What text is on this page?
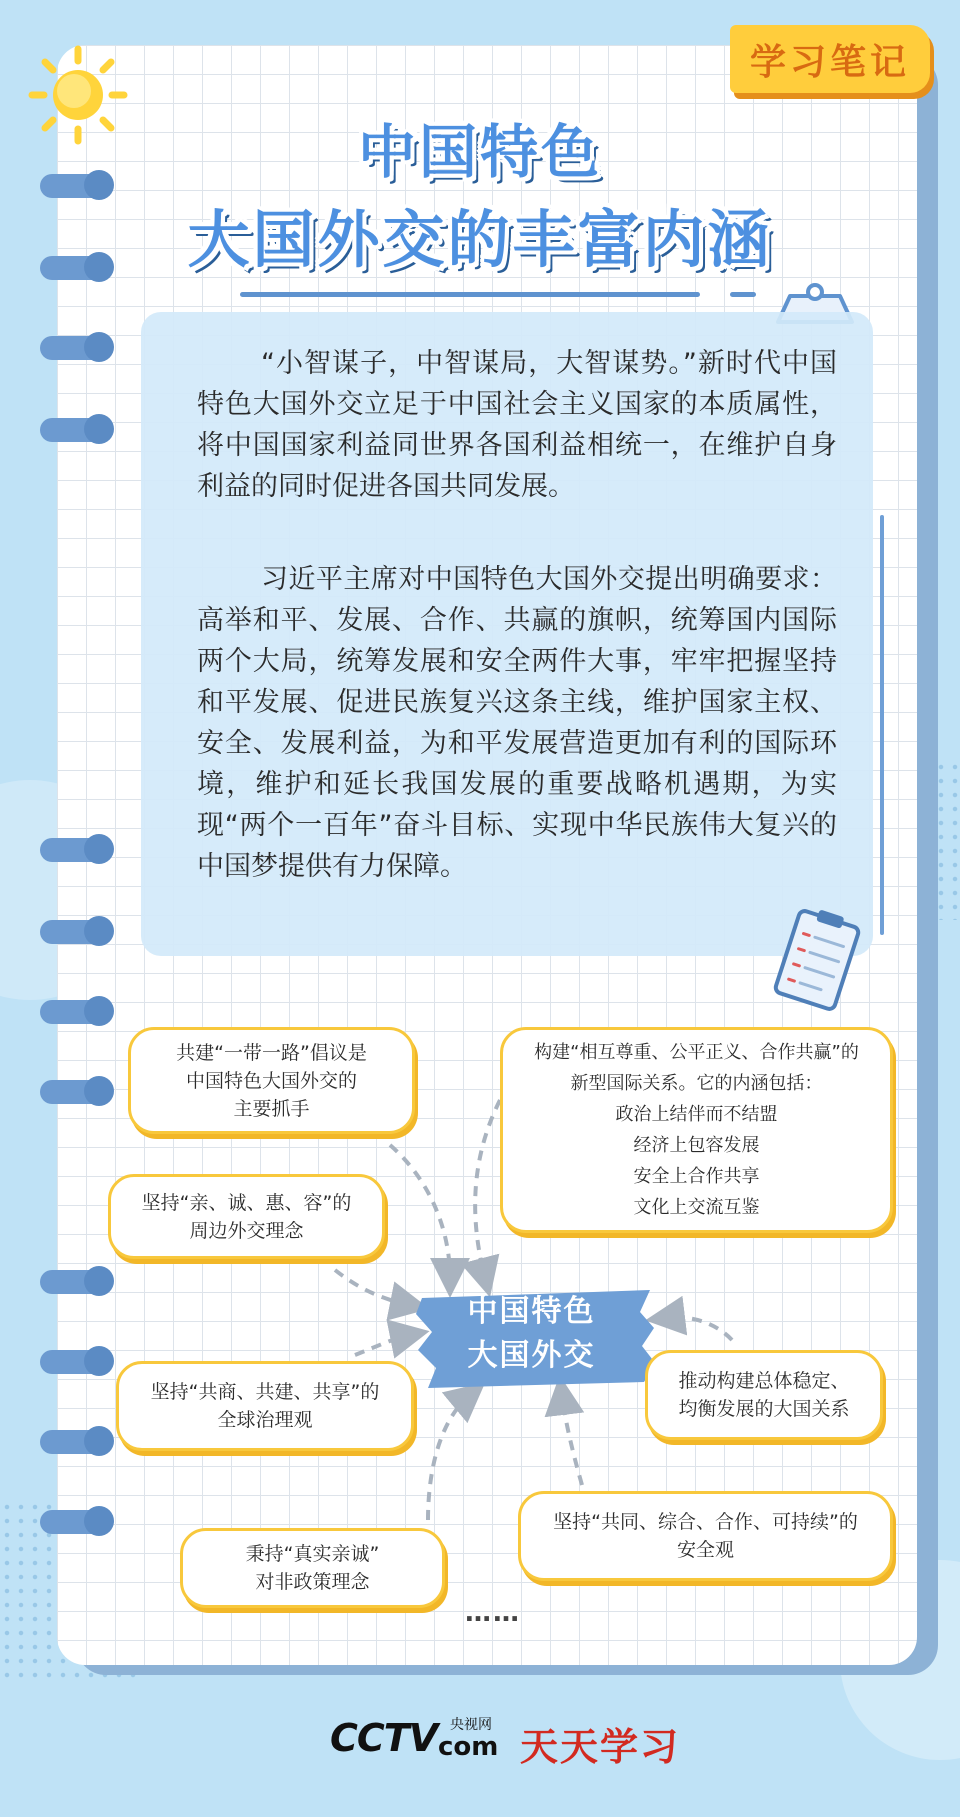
学习笔记
中国特色
大国外交的丰富内涵

“小智谋子，中智谋局，大智谋势。”新时代中国特色大国外交立足于中国社会主义国家的本质属性，将中国国家利益同世界各国利益相统一，在维护自身利益的同时促进各国共同发展。

习近平主席对中国特色大国外交提出明确要求：高举和平、发展、合作、共赢的旗帜，统筹国内国际两个大局，统筹发展和安全两件大事，牢牢把握坚持和平发展、促进民族复兴这条主线，维护国家主权、安全、发展利益，为和平发展营造更加有利的国际环境，维护和延长我国发展的重要战略机遇期，为实现“两个一百年”奋斗目标、实现中华民族伟大复兴的中国梦提供有力保障。

中国特色
大国外交
共建“一带一路”倡议是
中国特色大国外交的
主要抓手
构建“相互尊重、公平正义、合作共赢”的
新型国际关系。它的内涵包括：
政治上结伴而不结盟
经济上包容发展
安全上合作共享
文化上交流互鉴
坚持“亲、诚、惠、容”的
周边外交理念
推动构建总体稳定、
均衡发展的大国关系
坚持“共商、共建、共享”的
全球治理观
坚持“共同、综合、合作、可持续”的
安全观
秉持“真实亲诚”
对非政策理念
……
CCTV 央视网
com 天天学习
